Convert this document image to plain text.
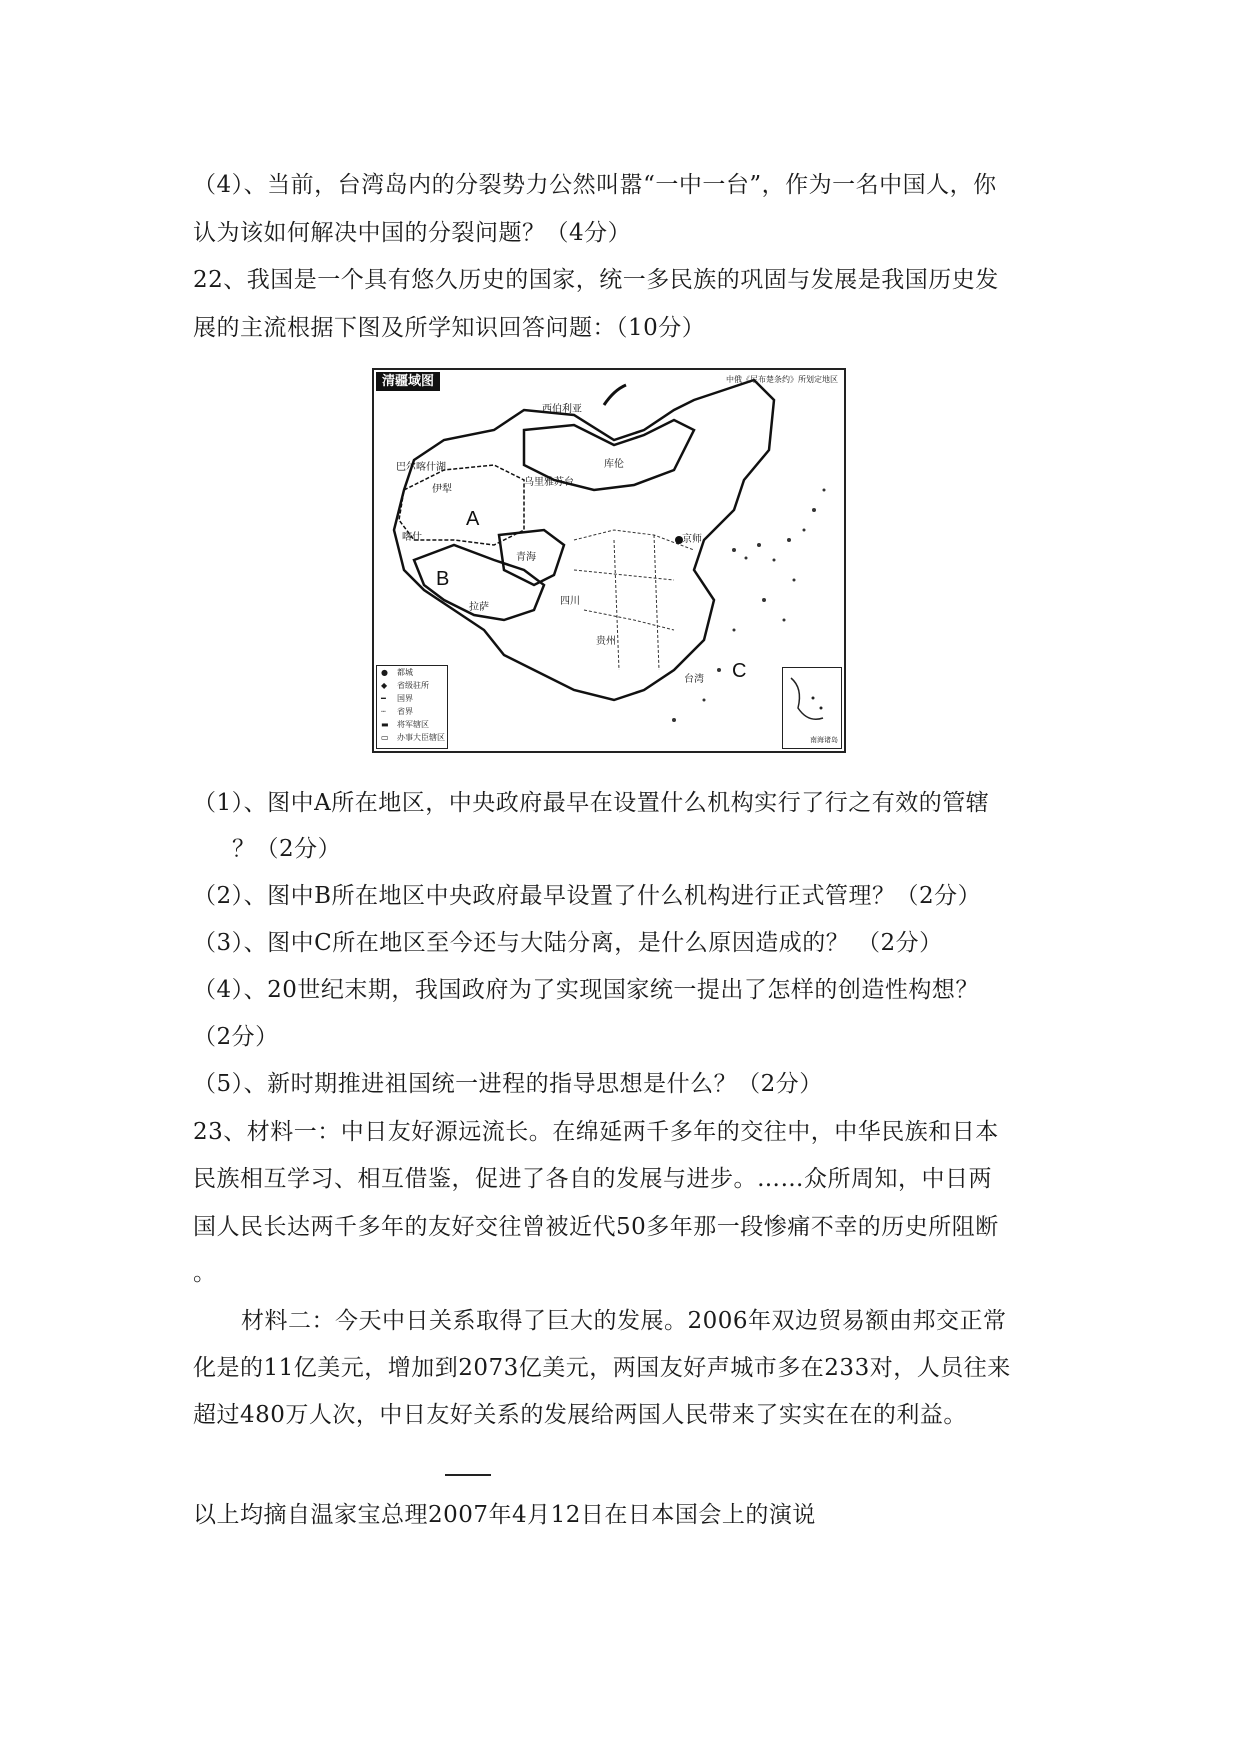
（4）、当前，台湾岛内的分裂势力公然叫嚣“一中一台”，作为一名中国人，你
认为该如何解决中国的分裂问题？（4分）
22、我国是一个具有悠久历史的国家，统一多民族的巩固与发展是我国历史发
展的主流根据下图及所学知识回答问题：（10分）
清疆域图	中俄《尼布楚条约》所划定地区
西伯利亚
乌里雅苏台
巴尔喀什湖
伊犁
喀什
库伦
京师
青海
拉萨
四川
贵州
台湾
A
B
C
● 都城
◆ 省级驻所
━ 国界
┄ 省界
▬ 将军辖区
▭ 办事大臣辖区	南海诸岛
（1）、图中A所在地区，中央政府最早在设置什么机构实行了行之有效的管辖
？（2分）
（2）、图中B所在地区中央政府最早设置了什么机构进行正式管理？（2分）
（3）、图中C所在地区至今还与大陆分离，是什么原因造成的？ （2分）
（4）、20世纪末期，我国政府为了实现国家统一提出了怎样的创造性构想？
（2分）
（5）、新时期推进祖国统一进程的指导思想是什么？（2分）
23、材料一：中日友好源远流长。在绵延两千多年的交往中，中华民族和日本
民族相互学习、相互借鉴，促进了各自的发展与进步。……众所周知，中日两
国人民长达两千多年的友好交往曾被近代50多年那一段惨痛不幸的历史所阻断
。
材料二：今天中日关系取得了巨大的发展。2006年双边贸易额由邦交正常
化是的11亿美元，增加到2073亿美元，两国友好声城市多在233对，人员往来
超过480万人次，中日友好关系的发展给两国人民带来了实实在在的利益。
以上均摘自温家宝总理2007年4月12日在日本国会上的演说
